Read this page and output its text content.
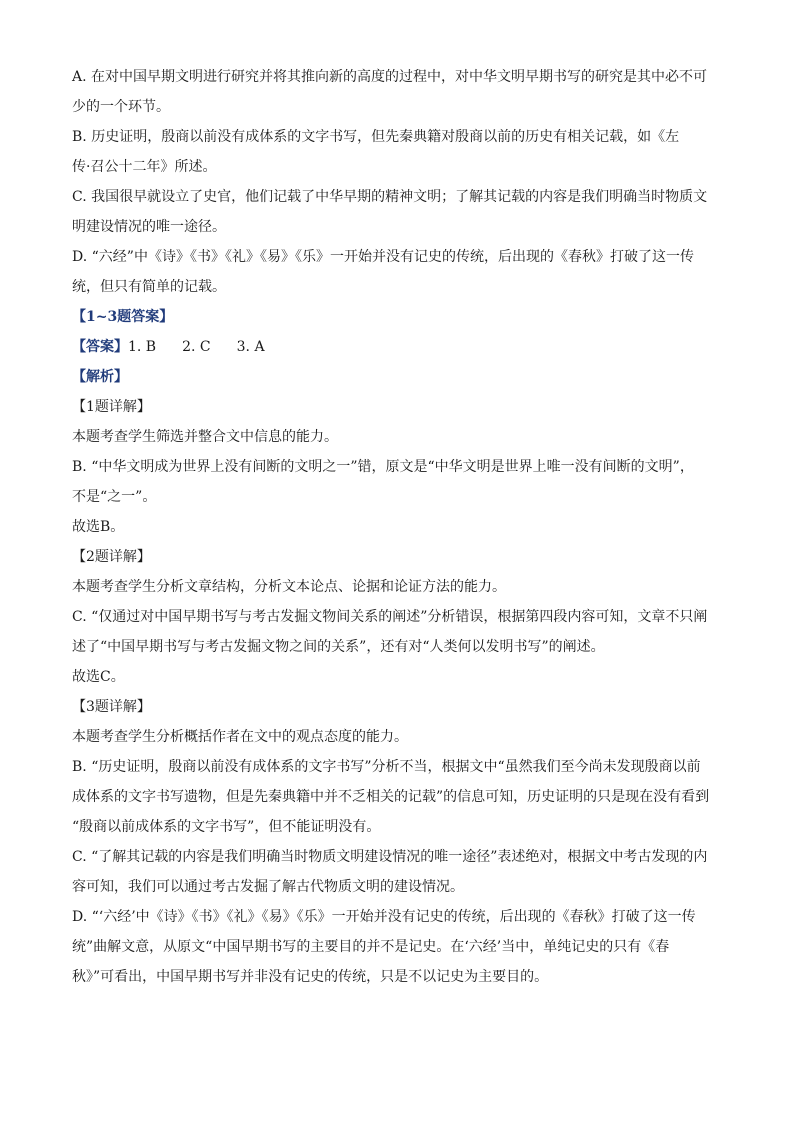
A. 在对中国早期文明进行研究并将其推向新的高度的过程中，对中华文明早期书写的研究是其中必不可

少的一个环节。

B. 历史证明，殷商以前没有成体系的文字书写，但先秦典籍对殷商以前的历史有相关记载，如《左

传·召公十二年》所述。

C. 我国很早就设立了史官，他们记载了中华早期的精神文明；了解其记载的内容是我们明确当时物质文

明建设情况的唯一途径。

D. “六经”中《诗》《书》《礼》《易》《乐》一开始并没有记史的传统，后出现的《春秋》打破了这一传

统，但只有简单的记载。

【1~3题答案】

【答案】1. B 2. C 3. A

【解析】

【1题详解】

本题考查学生筛选并整合文中信息的能力。

B. “中华文明成为世界上没有间断的文明之一”错，原文是“中华文明是世界上唯一没有间断的文明”，

不是“之一”。

故选B。

【2题详解】

本题考查学生分析文章结构，分析文本论点、论据和论证方法的能力。

C. “仅通过对中国早期书写与考古发掘文物间关系的阐述”分析错误，根据第四段内容可知，文章不只阐

述了“中国早期书写与考古发掘文物之间的关系”，还有对“人类何以发明书写”的阐述。

故选C。

【3题详解】

本题考查学生分析概括作者在文中的观点态度的能力。

B. “历史证明，殷商以前没有成体系的文字书写”分析不当，根据文中“虽然我们至今尚未发现殷商以前

成体系的文字书写遗物，但是先秦典籍中并不乏相关的记载”的信息可知，历史证明的只是现在没有看到

“殷商以前成体系的文字书写”，但不能证明没有。

C. “了解其记载的内容是我们明确当时物质文明建设情况的唯一途径”表述绝对，根据文中考古发现的内

容可知，我们可以通过考古发掘了解古代物质文明的建设情况。

D. “‘六经’中《诗》《书》《礼》《易》《乐》一开始并没有记史的传统，后出现的《春秋》打破了这一传

统”曲解文意，从原文“中国早期书写的主要目的并不是记史。在‘六经’当中，单纯记史的只有《春

秋》”可看出，中国早期书写并非没有记史的传统，只是不以记史为主要目的。
